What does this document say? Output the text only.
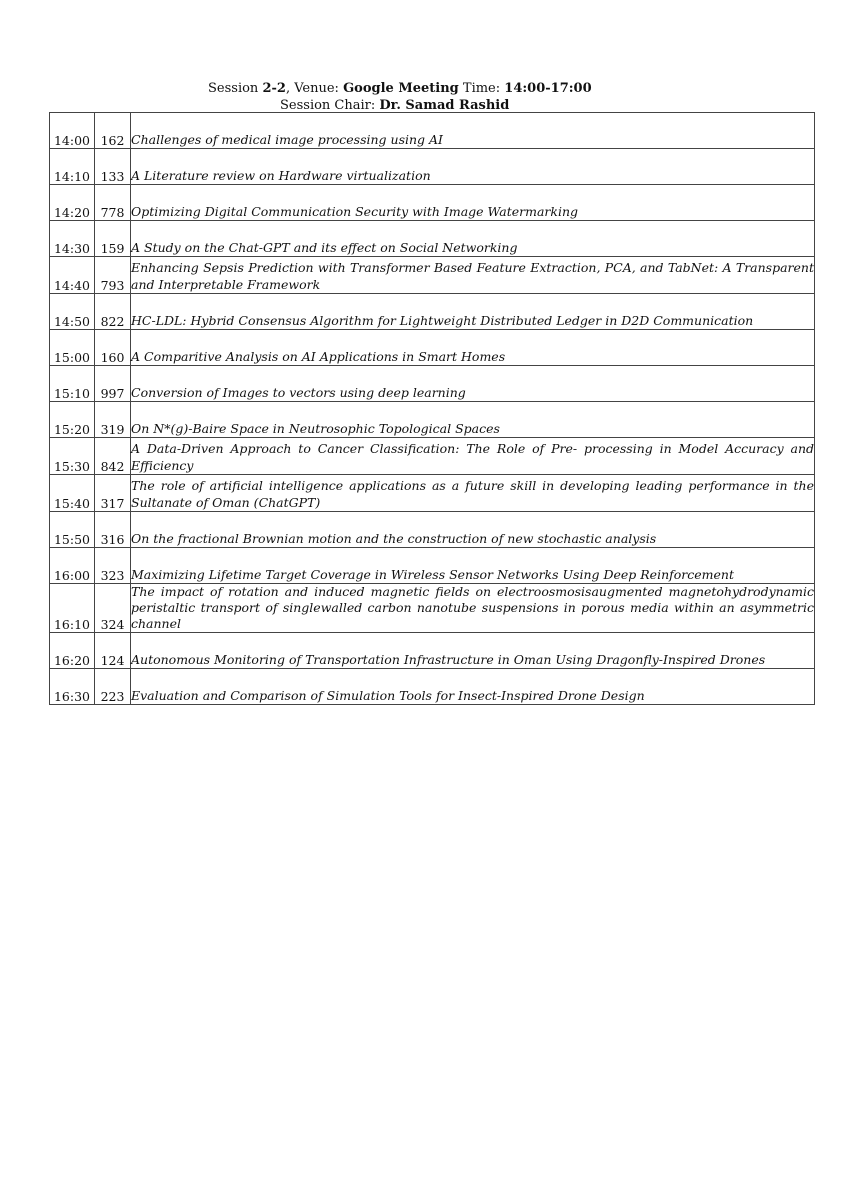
Session 2-2, Venue: Google Meeting Time: 14:00-17:00
Session Chair: Dr. Samad Rashid
14:00	162	Challenges of medical image processing using AI
14:10	133	A Literature review on Hardware virtualization
14:20	778	Optimizing Digital Communication Security with Image Watermarking
14:30	159	A Study on the Chat-GPT and its effect on Social Networking
14:40	793	Enhancing Sepsis Prediction with Transformer Based Feature Extraction, PCA, and TabNet: A Transparent and Interpretable Framework
14:50	822	HC-LDL: Hybrid Consensus Algorithm for Lightweight Distributed Ledger in D2D Communication
15:00	160	A Comparitive Analysis on AI Applications in Smart Homes
15:10	997	Conversion of Images to vectors using deep learning
15:20	319	On N*(g)-Baire Space in Neutrosophic Topological Spaces
15:30	842	A Data-Driven Approach to Cancer Classification: The Role of Pre- processing in Model Accuracy and Efficiency
15:40	317	The role of artificial intelligence applications as a future skill in developing leading performance in the Sultanate of Oman (ChatGPT)
15:50	316	On the fractional Brownian motion and the construction of new stochastic analysis
16:00	323	Maximizing Lifetime Target Coverage in Wireless Sensor Networks Using Deep Reinforcement
16:10	324	The impact of rotation and induced magnetic fields on electroosmosisaugmented magnetohydrodynamic peristaltic transport of singlewalled carbon nanotube suspensions in porous media within an asymmetric channel
16:20	124	Autonomous Monitoring of Transportation Infrastructure in Oman Using Dragonfly-Inspired Drones
16:30	223	Evaluation and Comparison of Simulation Tools for Insect-Inspired Drone Design
